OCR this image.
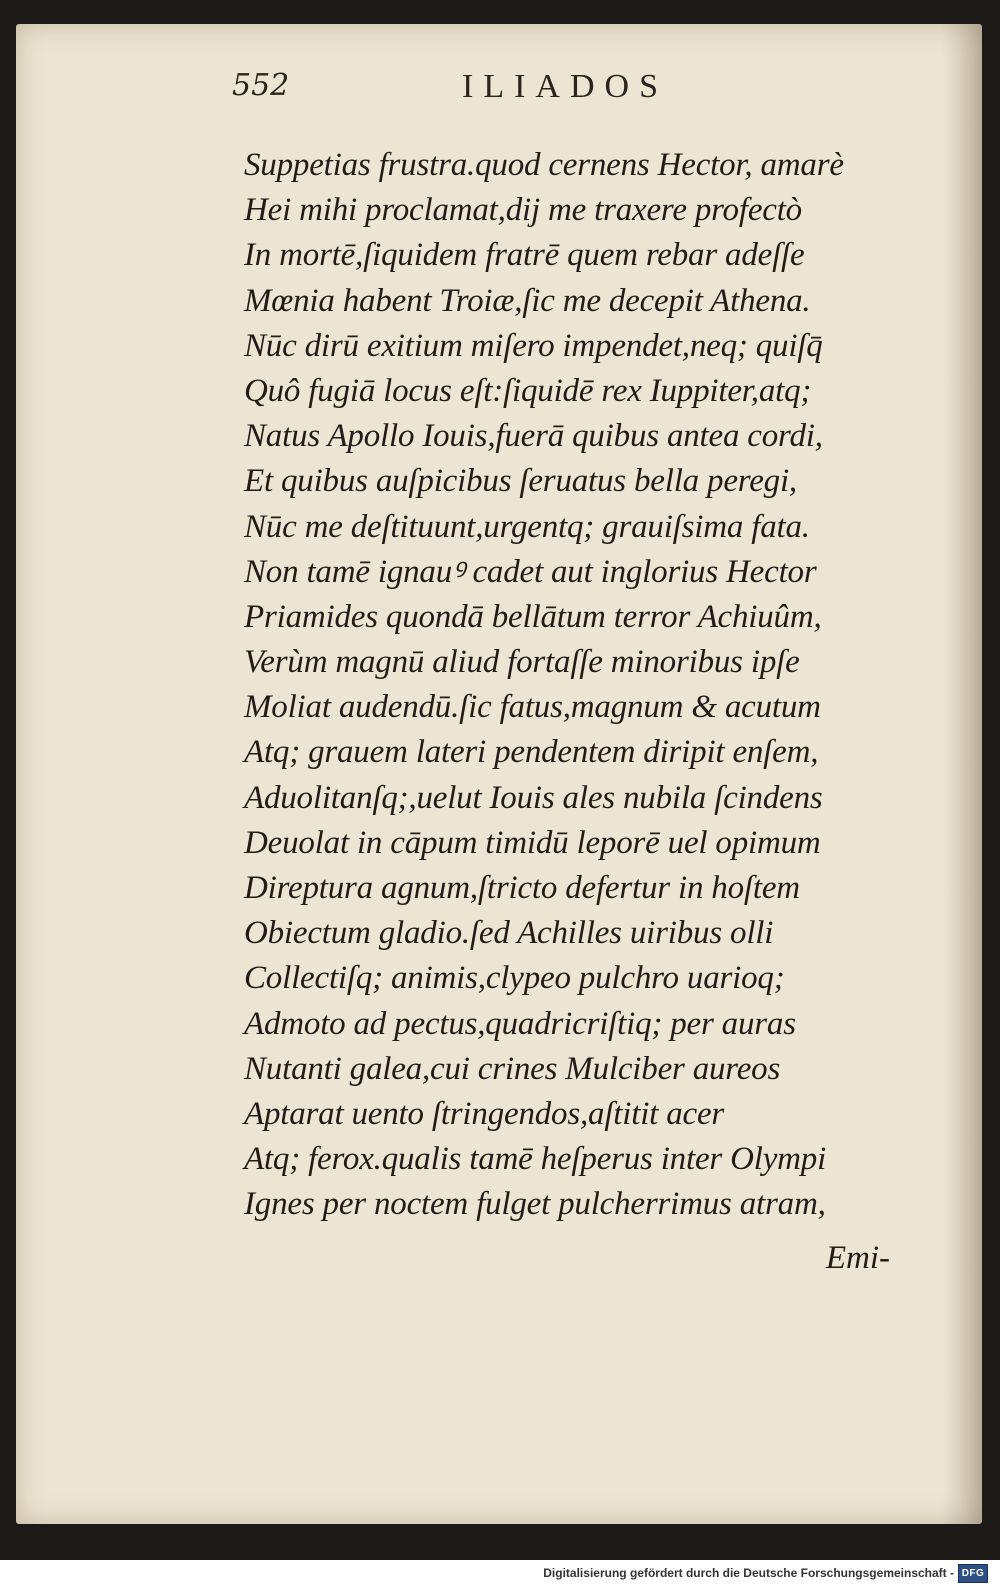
552	ILIADOS
Suppetias frustra.quod cernens Hector, amarè
Hei mihi proclamat,dij me traxere profectò
In mortē,ſiquidem fratrē quem rebar adeſſe
Mœnia habent Troiæ,ſic me decepit Athena.
Nūc dirū exitium miſero impendet,neq; quiſq̄
Quô fugiā locus eſt:ſiquidē rex Iuppiter,atq;
Natus Apollo Iouis,fuerā quibus antea cordi,
Et quibus auſpicibus ſeruatus bella peregi,
Nūc me deſtituunt,urgentq; grauiſsima fata.
Non tamē ignauꝰ cadet aut inglorius Hector
Priamides quondā bellātum terror Achiuûm,
Verùm magnū aliud fortaſſe minoribus ipſe
Moliat audendū.ſic fatus,magnum & acutum
Atq; grauem lateri pendentem diripit enſem,
Aduolitanſq;,uelut Iouis ales nubila ſcindens
Deuolat in cāpum timidū leporē uel opimum
Direptura agnum,ſtricto defertur in hoſtem
Obiectum gladio.ſed Achilles uiribus olli
Collectiſq; animis,clypeo pulchro uarioq;
Admoto ad pectus,quadricriſtiq; per auras
Nutanti galea,cui crines Mulciber aureos
Aptarat uento ſtringendos,aſtitit acer
Atq; ferox.qualis tamē heſperus inter Olympi
Ignes per noctem fulget pulcherrimus atram,
Emi-
Digitalisierung gefördert durch die Deutsche Forschungsgemeinschaft - DFG
